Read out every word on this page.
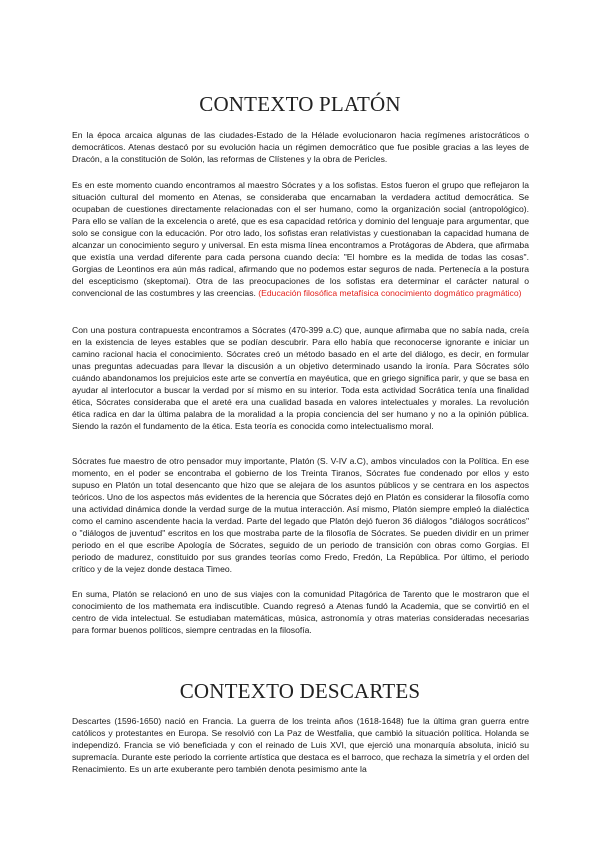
CONTEXTO PLATÓN

En la época arcaica algunas de las ciudades-Estado de la Hélade evolucionaron hacia regímenes aristocráticos o democráticos. Atenas destacó por su evolución hacia un régimen democrático que fue posible gracias a las leyes de Dracón, a la constitución de Solón, las reformas de Clístenes y la obra de Pericles.

Es en este momento cuando encontramos al maestro Sócrates y a los sofistas. Estos fueron el grupo que reflejaron la situación cultural del momento en Atenas, se consideraba que encarnaban la verdadera actitud democrática. Se ocupaban de cuestiones directamente relacionadas con el ser humano, como la organización social (antropológico). Para ello se valían de la excelencia o areté, que es esa capacidad retórica y dominio del lenguaje para argumentar, que solo se consigue con la educación. Por otro lado, los sofistas eran relativistas y cuestionaban la capacidad humana de alcanzar un conocimiento seguro y universal. En esta misma línea encontramos a Protágoras de Abdera, que afirmaba que existía una verdad diferente para cada persona cuando decía: "El hombre es la medida de todas las cosas". Gorgias de Leontinos era aún más radical, afirmando que no podemos estar seguros de nada. Pertenecía a la postura del escepticismo (skeptomai). Otra de las preocupaciones de los sofistas era determinar el carácter natural o convencional de las costumbres y las creencias. (Educación filosófica metafísica conocimiento dogmático pragmático)

Con una postura contrapuesta encontramos a Sócrates (470-399 a.C) que, aunque afirmaba que no sabía nada, creía en la existencia de leyes estables que se podían descubrir. Para ello había que reconocerse ignorante e iniciar un camino racional hacia el conocimiento. Sócrates creó un método basado en el arte del diálogo, es decir, en formular unas preguntas adecuadas para llevar la discusión a un objetivo determinado usando la ironía. Para Sócrates sólo cuándo abandonamos los prejuicios este arte se convertía en mayéutica, que en griego significa parir, y que se basa en ayudar al interlocutor a buscar la verdad por sí mismo en su interior. Toda esta actividad Socrática tenía una finalidad ética, Sócrates consideraba que el areté era una cualidad basada en valores intelectuales y morales. La revolución ética radica en dar la última palabra de la moralidad a la propia conciencia del ser humano y no a la opinión pública. Siendo la razón el fundamento de la ética. Esta teoría es conocida como intelectualismo moral.

Sócrates fue maestro de otro pensador muy importante, Platón (S. V-IV a.C), ambos vinculados con la Política. En ese momento, en el poder se encontraba el gobierno de los Treinta Tiranos, Sócrates fue condenado por ellos y esto supuso en Platón un total desencanto que hizo que se alejara de los asuntos públicos y se centrara en los aspectos teóricos. Uno de los aspectos más evidentes de la herencia que Sócrates dejó en Platón es considerar la filosofía como una actividad dinámica donde la verdad surge de la mutua interacción. Así mismo, Platón siempre empleó la dialéctica como el camino ascendente hacia la verdad. Parte del legado que Platón dejó fueron 36 diálogos "diálogos socráticos" o "diálogos de juventud" escritos en los que mostraba parte de la filosofía de Sócrates. Se pueden dividir en un primer periodo en el que escribe Apología de Sócrates, seguido de un periodo de transición con obras como Gorgias. El periodo de madurez, constituido por sus grandes teorías como Fredo, Fredón, La República. Por último, el periodo crítico y de la vejez donde destaca Timeo.

En suma, Platón se relacionó en uno de sus viajes con la comunidad Pitagórica de Tarento que le mostraron que el conocimiento de los mathemata era indiscutible. Cuando regresó a Atenas fundó la Academia, que se convirtió en el centro de vida intelectual. Se estudiaban matemáticas, música, astronomía y otras materias consideradas necesarias para formar buenos políticos, siempre centradas en la filosofía.

CONTEXTO DESCARTES

Descartes (1596-1650) nació en Francia. La guerra de los treinta años (1618-1648) fue la última gran guerra entre católicos y protestantes en Europa. Se resolvió con La Paz de Westfalia, que cambió la situación política. Holanda se independizó. Francia se vió beneficiada y con el reinado de Luis XVI, que ejerció una monarquía absoluta, inició su supremacía. Durante este periodo la corriente artística que destaca es el barroco, que rechaza la simetría y el orden del Renacimiento. Es un arte exuberante pero también denota pesimismo ante la
